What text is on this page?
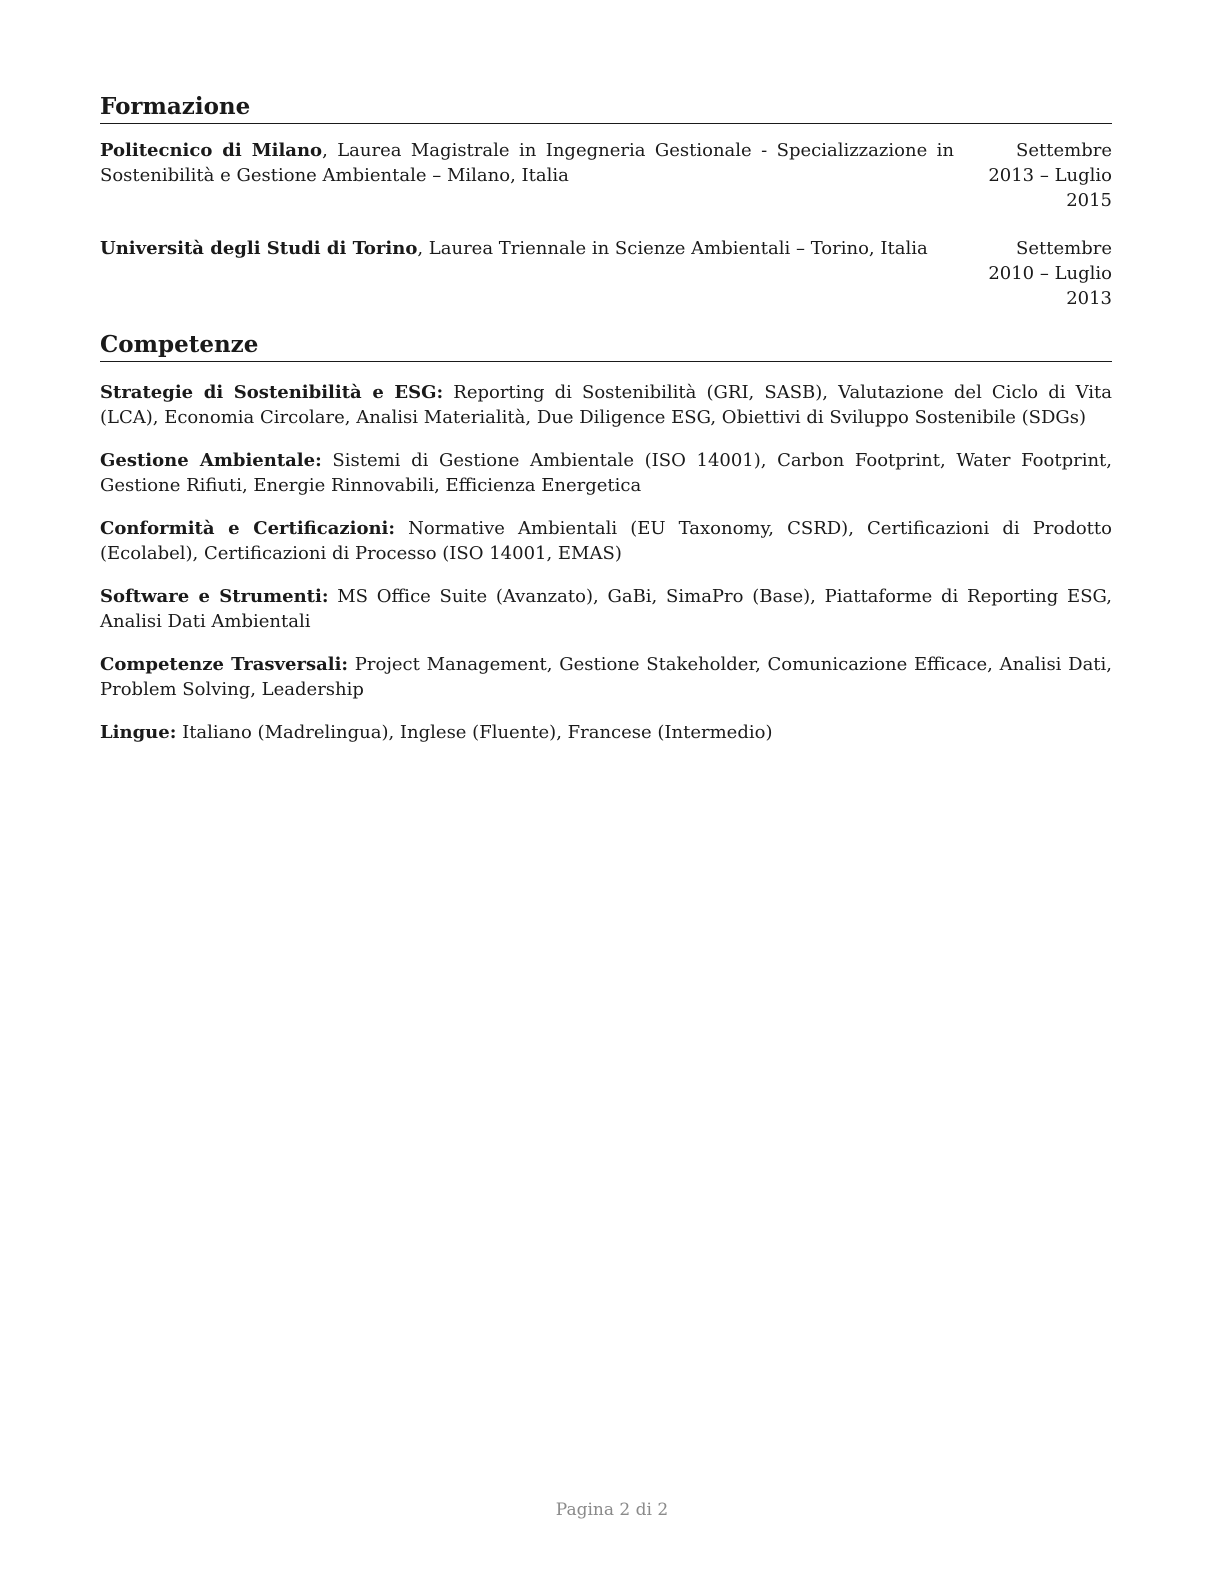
Formazione
Politecnico di Milano, Laurea Magistrale in Ingegneria Gestionale - Specializzazione in Sostenibilità e Gestione Ambientale – Milano, Italia
Settembre 2013 – Luglio 2015
Università degli Studi di Torino, Laurea Triennale in Scienze Ambientali – Torino, Italia	Settembre 2010 – Luglio 2013
Competenze

Strategie di Sostenibilità e ESG: Reporting di Sostenibilità (GRI, SASB), Valutazione del Ciclo di Vita (LCA), Economia Circolare, Analisi Materialità, Due Diligence ESG, Obiettivi di Sviluppo Sostenibile (SDGs)

Gestione Ambientale: Sistemi di Gestione Ambientale (ISO 14001), Carbon Footprint, Water Footprint, Gestione Rifiuti, Energie Rinnovabili, Efficienza Energetica

Conformità e Certificazioni: Normative Ambientali (EU Taxonomy, CSRD), Certificazioni di Prodotto (Ecolabel), Certificazioni di Processo (ISO 14001, EMAS)

Software e Strumenti: MS Office Suite (Avanzato), GaBi, SimaPro (Base), Piattaforme di Reporting ESG, Analisi Dati Ambientali

Competenze Trasversali: Project Management, Gestione Stakeholder, Comunicazione Efficace, Analisi Dati, Problem Solving, Leadership

Lingue: Italiano (Madrelingua), Inglese (Fluente), Francese (Intermedio)

Pagina 2 di 2
